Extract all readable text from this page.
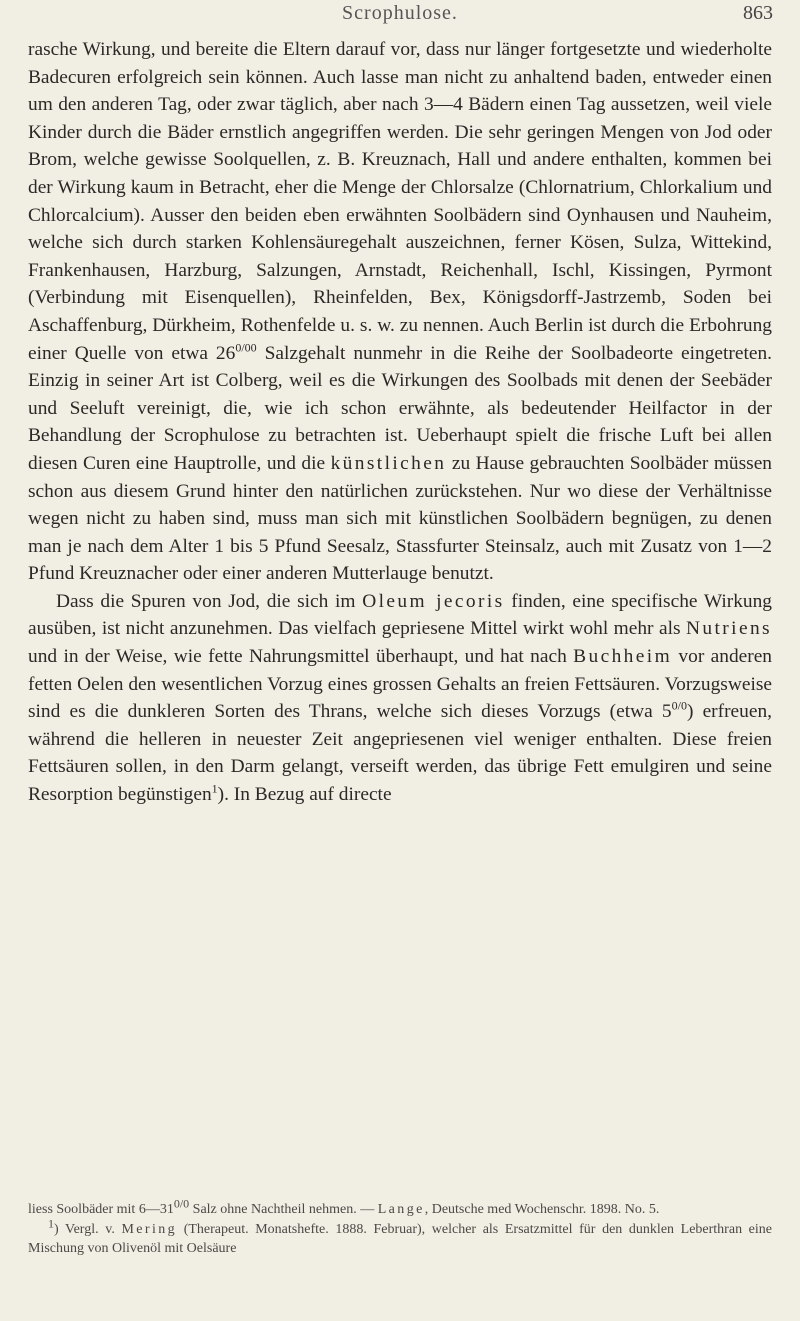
Scrophulose.	863

rasche Wirkung, und bereite die Eltern darauf vor, dass nur länger fortgesetzte und wiederholte Badecuren erfolgreich sein können. Auch lasse man nicht zu anhaltend baden, entweder einen um den anderen Tag, oder zwar täglich, aber nach 3—4 Bädern einen Tag aussetzen, weil viele Kinder durch die Bäder ernstlich angegriffen werden. Die sehr geringen Mengen von Jod oder Brom, welche gewisse Soolquellen, z. B. Kreuznach, Hall und andere enthalten, kommen bei der Wirkung kaum in Betracht, eher die Menge der Chlorsalze (Chlornatrium, Chlorkalium und Chlorcalcium). Ausser den beiden eben erwähnten Soolbädern sind Oynhausen und Nauheim, welche sich durch starken Kohlensäuregehalt auszeichnen, ferner Kösen, Sulza, Wittekind, Frankenhausen, Harzburg, Salzungen, Arnstadt, Reichenhall, Ischl, Kissingen, Pyrmont (Verbindung mit Eisenquellen), Rheinfelden, Bex, Königsdorff-Jastrzemb, Soden bei Aschaffenburg, Dürkheim, Rothenfelde u. s. w. zu nennen. Auch Berlin ist durch die Erbohrung einer Quelle von etwa $26^{0/00}$ Salzgehalt nunmehr in die Reihe der Soolbadeorte eingetreten. Einzig in seiner Art ist Colberg, weil es die Wirkungen des Soolbads mit denen der Seebäder und Seeluft vereinigt, die, wie ich schon erwähnte, als bedeutender Heilfactor in der Behandlung der Scrophulose zu betrachten ist. Ueberhaupt spielt die frische Luft bei allen diesen Curen eine Hauptrolle, und die künstlichen zu Hause gebrauchten Soolbäder müssen schon aus diesem Grund hinter den natürlichen zurückstehen. Nur wo diese der Verhältnisse wegen nicht zu haben sind, muss man sich mit künstlichen Soolbädern begnügen, zu denen man je nach dem Alter 1 bis 5 Pfund Seesalz, Stassfurter Steinsalz, auch mit Zusatz von 1—2 Pfund Kreuznacher oder einer anderen Mutterlauge benutzt.

Dass die Spuren von Jod, die sich im Oleum jecoris finden, eine specifische Wirkung ausüben, ist nicht anzunehmen. Das vielfach gepriesene Mittel wirkt wohl mehr als Nutriens und in der Weise, wie fette Nahrungsmittel überhaupt, und hat nach Buchheim vor anderen fetten Oelen den wesentlichen Vorzug eines grossen Gehalts an freien Fettsäuren. Vorzugsweise sind es die dunkleren Sorten des Thrans, welche sich dieses Vorzugs (etwa $5^{0/0}$) erfreuen, während die helleren in neuester Zeit angepriesenen viel weniger enthalten. Diese freien Fettsäuren sollen, in den Darm gelangt, verseift werden, das übrige Fett emulgiren und seine Resorption begünstigen$^1$). In Bezug auf directe

liess Soolbäder mit $6—31^{0/0}$ Salz ohne Nachtheil nehmen. — Lange, Deutsche med Wochenschr. 1898. No. 5.

$^1$) Vergl. v. Mering (Therapeut. Monatshefte. 1888. Februar), welcher als Ersatzmittel für den dunklen Leberthran eine Mischung von Olivenöl mit Oelsäure
